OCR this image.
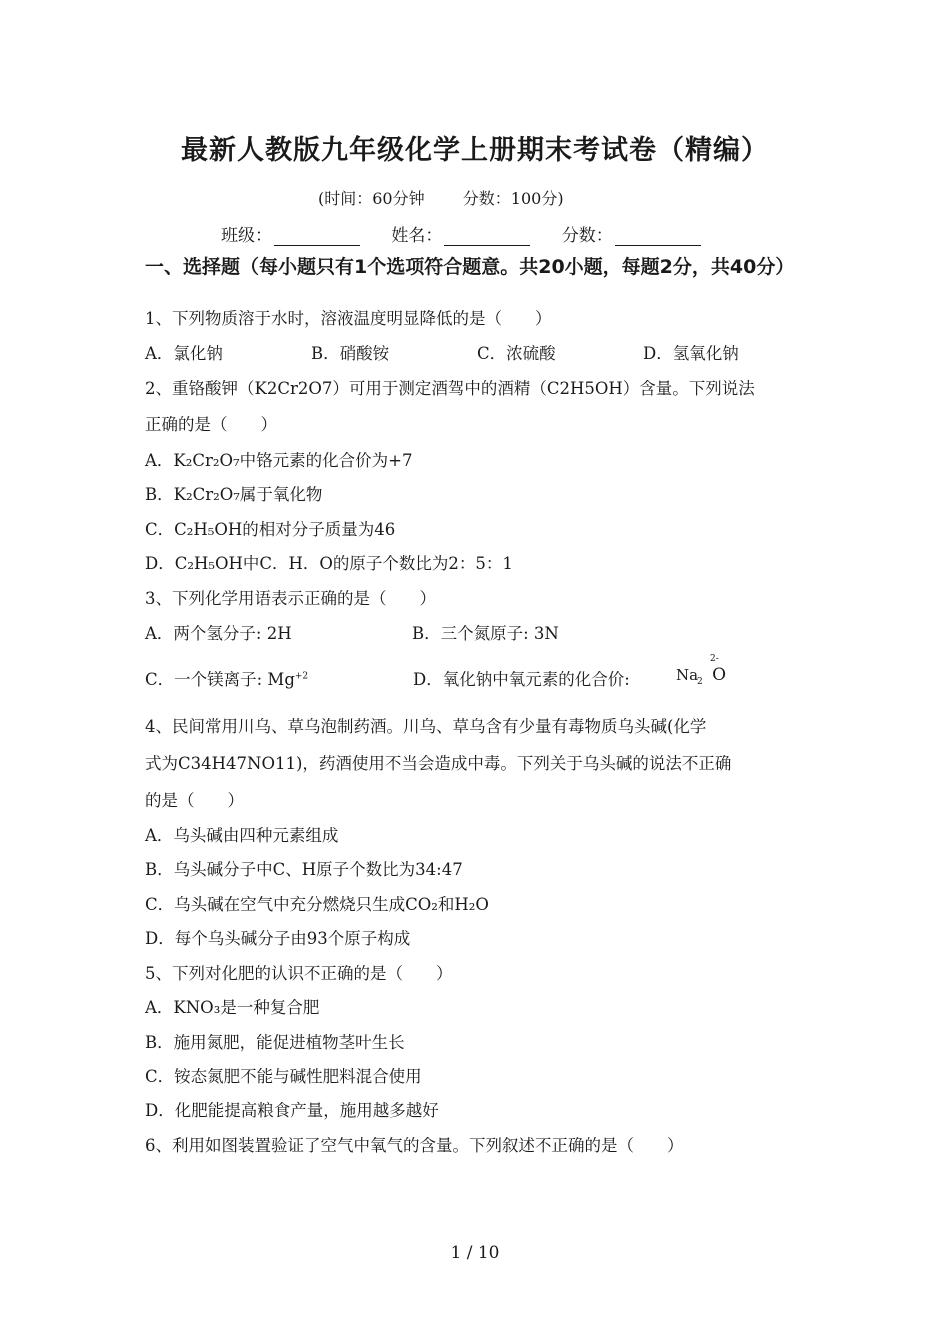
最新人教版九年级化学上册期末考试卷（精编）
(时间：60分钟 分数：100分)
班级：	姓名：	分数：
一、选择题（每小题只有1个选项符合题意。共20小题，每题2分，共40分）
1、下列物质溶于水时，溶液温度明显降低的是（　　）
A．氯化钠	B．硝酸铵	C．浓硫酸	D．氢氧化钠
2、重铬酸钾（K2Cr2O7）可用于测定酒驾中的酒精（C2H5OH）含量。下列说法
正确的是（　　）
A．K₂Cr₂O₇中铬元素的化合价为+7
B．K₂Cr₂O₇属于氧化物
C．C₂H₅OH的相对分子质量为46
D．C₂H₅OH中C．H．O的原子个数比为2：5：1
3、下列化学用语表示正确的是（　　）
A．两个氢分子: 2H	B．三个氮原子: 3N
C．一个镁离子: $Mg^{+2}$	D．氧化钠中氧元素的化合价:	Na O
2
2-
4、民间常用川乌、草乌泡制药酒。川乌、草乌含有少量有毒物质乌头碱(化学
式为C34H47NO11)，药酒使用不当会造成中毒。下列关于乌头碱的说法不正确
的是（　　）
A．乌头碱由四种元素组成
B．乌头碱分子中C、H原子个数比为34:47
C．乌头碱在空气中充分燃烧只生成CO₂和H₂O
D．每个乌头碱分子由93个原子构成
5、下列对化肥的认识不正确的是（　　）
A．KNO₃是一种复合肥
B．施用氮肥，能促进植物茎叶生长
C．铵态氮肥不能与碱性肥料混合使用
D．化肥能提高粮食产量，施用越多越好
6、利用如图装置验证了空气中氧气的含量。下列叙述不正确的是（　　）
1 / 10
